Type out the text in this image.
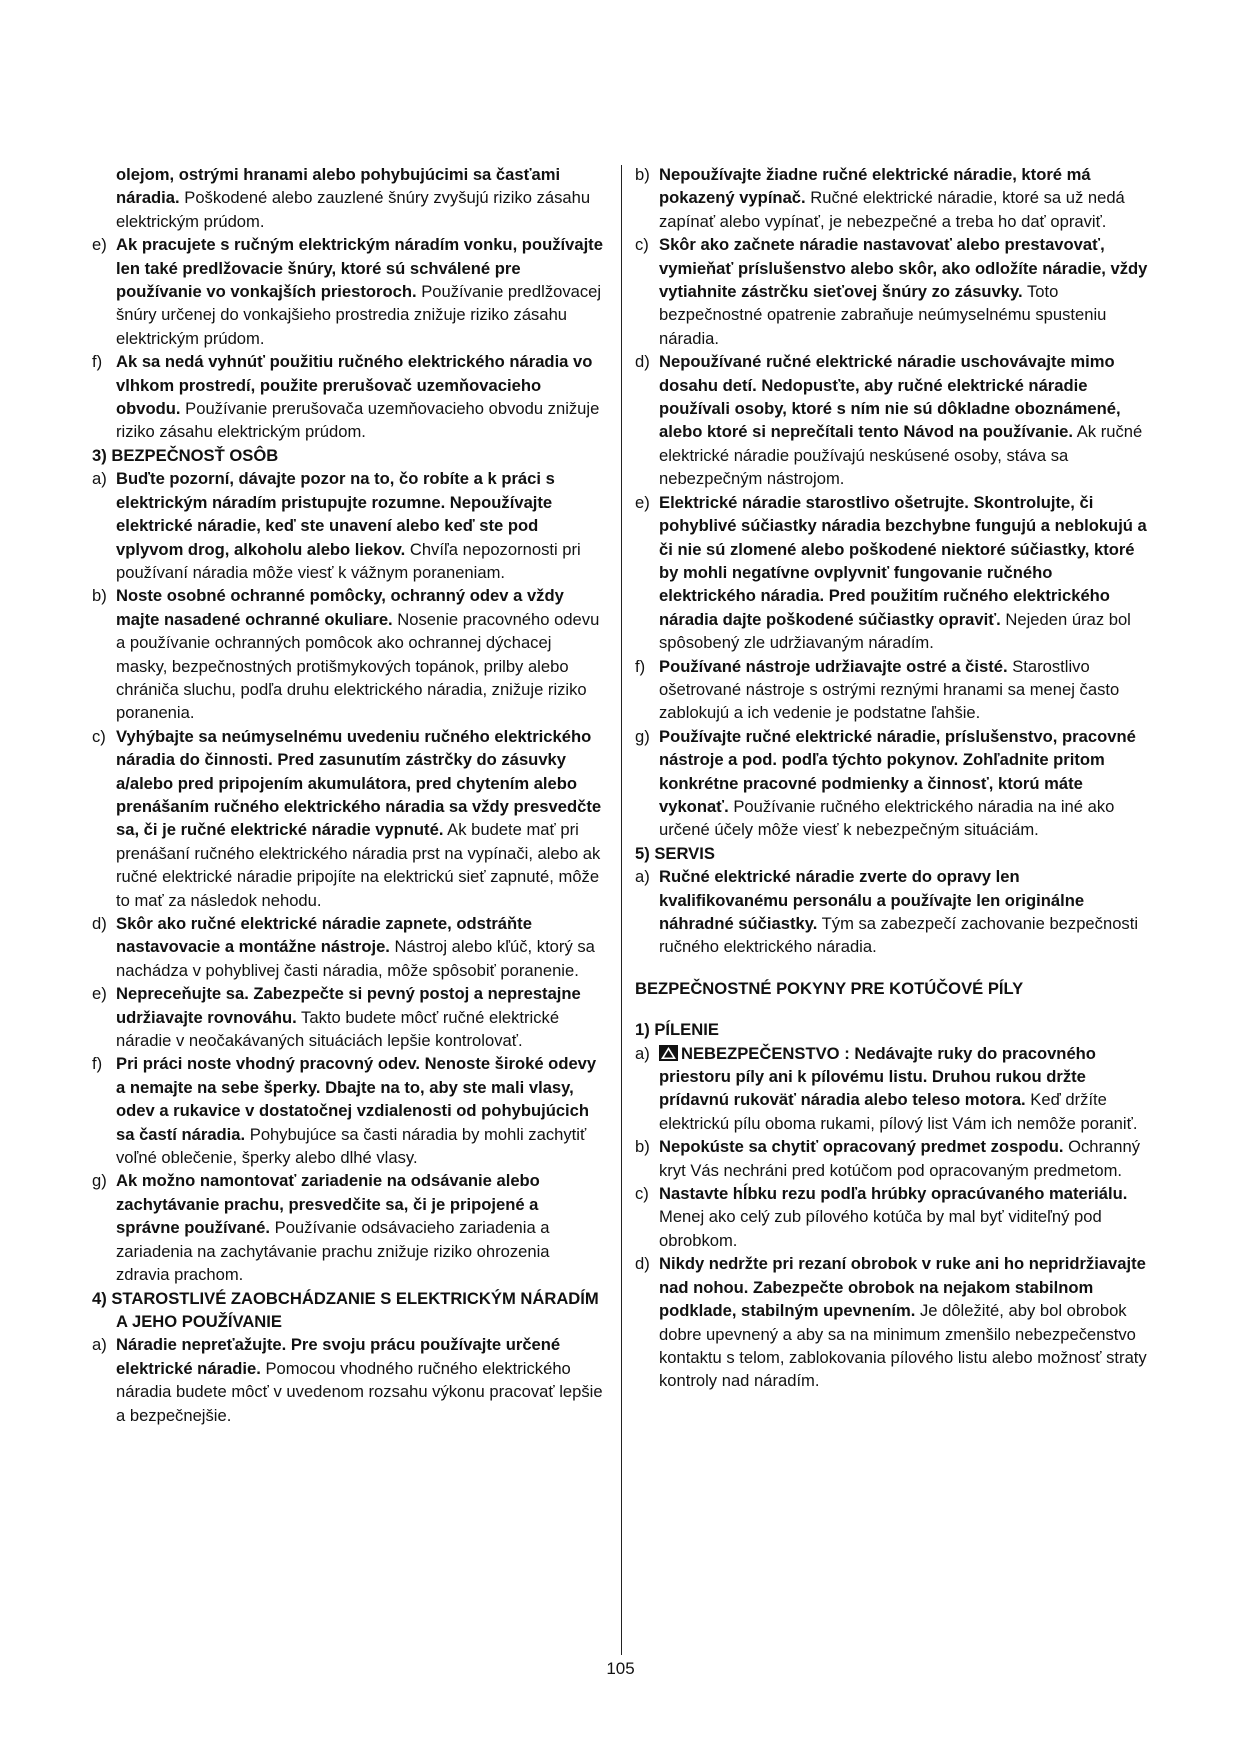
olejom, ostrými hranami alebo pohybujúcimi sa časťami náradia. Poškodené alebo zauzlené šnúry zvyšujú riziko zásahu elektrickým prúdom.
e) Ak pracujete s ručným elektrickým náradím vonku, používajte len také predlžovacie šnúry, ktoré sú schválené pre používanie vo vonkajších priestoroch. Používanie predlžovacej šnúry určenej do vonkajšieho prostredia znižuje riziko zásahu elektrickým prúdom.
f) Ak sa nedá vyhnúť použitiu ručného elektrického náradia vo vlhkom prostredí, použite prerušovač uzemňovacieho obvodu. Používanie prerušovača uzemňovacieho obvodu znižuje riziko zásahu elektrickým prúdom.
3) BEZPEČNOSŤ OSÔB
a) Buďte pozorní, dávajte pozor na to, čo robíte a k práci s elektrickým náradím pristupujte rozumne. Nepoužívajte elektrické náradie, keď ste unavení alebo keď ste pod vplyvom drog, alkoholu alebo liekov. Chvíľa nepozornosti pri používaní náradia môže viesť k vážnym poraneniam.
b) Noste osobné ochranné pomôcky, ochranný odev a vždy majte nasadené ochranné okuliare. Nosenie pracovného odevu a používanie ochranných pomôcok ako ochrannej dýchacej masky, bezpečnostných protišmykových topánok, prilby alebo chrániča sluchu, podľa druhu elektrického náradia, znižuje riziko poranenia.
c) Vyhýbajte sa neúmyselnému uvedeniu ručného elektrického náradia do činnosti. Pred zasunutím zástrčky do zásuvky a/alebo pred pripojením akumulátora, pred chytením alebo prenášaním ručného elektrického náradia sa vždy presvedčte sa, či je ručné elektrické náradie vypnuté. Ak budete mať pri prenášaní ručného elektrického náradia prst na vypínači, alebo ak ručné elektrické náradie pripojíte na elektrickú sieť zapnuté, môže to mať za následok nehodu.
d) Skôr ako ručné elektrické náradie zapnete, odstráňte nastavovacie a montážne nástroje. Nástroj alebo kľúč, ktorý sa nachádza v pohyblivej časti náradia, môže spôsobiť poranenie.
e) Nepreceňujte sa. Zabezpečte si pevný postoj a neprestajne udržiavajte rovnováhu. Takto budete môcť ručné elektrické náradie v neočakávaných situáciách lepšie kontrolovať.
f) Pri práci noste vhodný pracovný odev. Nenoste široké odevy a nemajte na sebe šperky. Dbajte na to, aby ste mali vlasy, odev a rukavice v dostatočnej vzdialenosti od pohybujúcich sa častí náradia. Pohybujúce sa časti náradia by mohli zachytiť voľné oblečenie, šperky alebo dlhé vlasy.
g) Ak možno namontovať zariadenie na odsávanie alebo zachytávanie prachu, presvedčite sa, či je pripojené a správne používané. Používanie odsávacieho zariadenia a zariadenia na zachytávanie prachu znižuje riziko ohrozenia zdravia prachom.
4) STAROSTLIVÉ ZAOBCHÁDZANIE S ELEKTRICKÝM NÁRADÍM A JEHO POUŽÍVANIE
a) Náradie nepreťažujte. Pre svoju prácu používajte určené elektrické náradie. Pomocou vhodného ručného elektrického náradia budete môcť v uvedenom rozsahu výkonu pracovať lepšie a bezpečnejšie.
b) Nepoužívajte žiadne ručné elektrické náradie, ktoré má pokazený vypínač. Ručné elektrické náradie, ktoré sa už nedá zapínať alebo vypínať, je nebezpečné a treba ho dať opraviť.
c) Skôr ako začnete náradie nastavovať alebo prestavovať, vymieňať príslušenstvo alebo skôr, ako odložíte náradie, vždy vytiahnite zástrčku sieťovej šnúry zo zásuvky. Toto bezpečnostné opatrenie zabraňuje neúmyselnému spusteniu náradia.
d) Nepoužívané ručné elektrické náradie uschovávajte mimo dosahu detí. Nedopusťte, aby ručné elektrické náradie používali osoby, ktoré s ním nie sú dôkladne oboznámené, alebo ktoré si neprečítali tento Návod na používanie. Ak ručné elektrické náradie používajú neskúsené osoby, stáva sa nebezpečným nástrojom.
e) Elektrické náradie starostlivo ošetrujte. Skontrolujte, či pohyblivé súčiastky náradia bezchybne fungujú a neblokujú a či nie sú zlomené alebo poškodené niektoré súčiastky, ktoré by mohli negatívne ovplyvniť fungovanie ručného elektrického náradia. Pred použitím ručného elektrického náradia dajte poškodené súčiastky opraviť. Nejeden úraz bol spôsobený zle udržiavaným náradím.
f) Používané nástroje udržiavajte ostré a čisté. Starostlivo ošetrované nástroje s ostrými reznými hranami sa menej často zablokujú a ich vedenie je podstatne ľahšie.
g) Používajte ručné elektrické náradie, príslušenstvo, pracovné nástroje a pod. podľa týchto pokynov. Zohľadnite pritom konkrétne pracovné podmienky a činnosť, ktorú máte vykonať. Používanie ručného elektrického náradia na iné ako určené účely môže viesť k nebezpečným situáciám.
5) SERVIS
a) Ručné elektrické náradie zverte do opravy len kvalifikovanému personálu a používajte len originálne náhradné súčiastky. Tým sa zabezpečí zachovanie bezpečnosti ručného elektrického náradia.
BEZPEČNOSTNÉ POKYNY PRE KOTÚČOVÉ PÍLY
1) PÍLENIE
a) NEBEZPEČENSTVO : Nedávajte ruky do pracovného priestoru píly ani k pílovému listu. Druhou rukou držte prídavnú rukoväť náradia alebo teleso motora. Keď držíte elektrickú pílu oboma rukami, pílový list Vám ich nemôže poraniť.
b) Nepokúste sa chytiť opracovaný predmet zospodu. Ochranný kryt Vás nechráni pred kotúčom pod opracovaným predmetom.
c) Nastavte hĺbku rezu podľa hrúbky opracúvaného materiálu. Menej ako celý zub pílového kotúča by mal byť viditeľný pod obrobkom.
d) Nikdy nedržte pri rezaní obrobok v ruke ani ho nepridržiavajte nad nohou. Zabezpečte obrobok na nejakom stabilnom podklade, stabilným upevnením. Je dôležité, aby bol obrobok dobre upevnený a aby sa na minimum zmenšilo nebezpečenstvo kontaktu s telom, zablokovania pílového listu alebo možnosť straty kontroly nad náradím.
105
